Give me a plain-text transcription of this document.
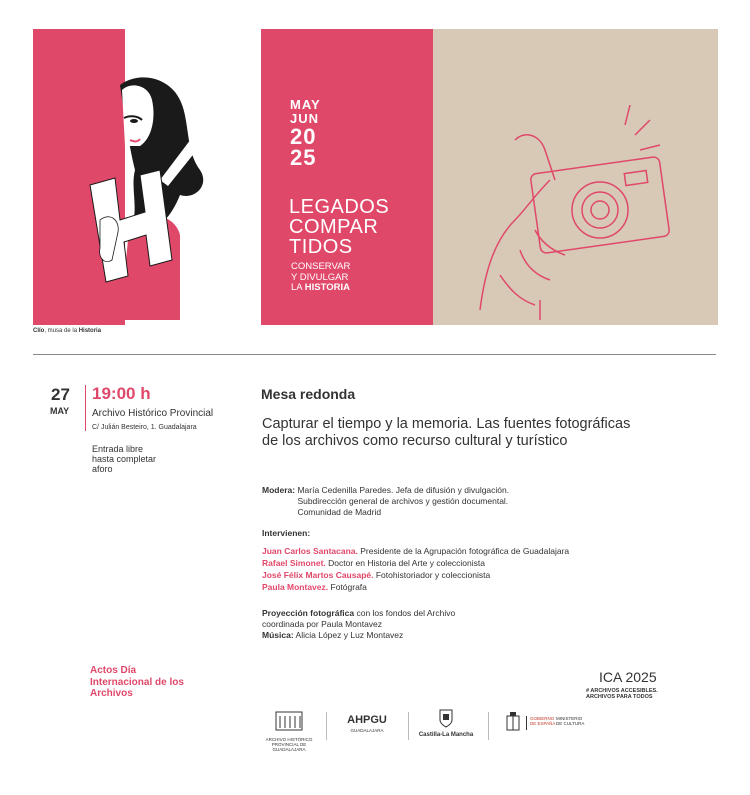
MAY
JUN
20
25
LEGADOS
COMPAR
TIDOS
CONSERVAR
Y DIVULGAR
LA HISTORIA
Clío, musa de la Historia
27
MAY
19:00 h
Archivo Histórico Provincial
C/ Julián Besteiro, 1. Guadalajara
Entrada libre hasta completar aforo
Actos Día Internacional de los Archivos
Mesa redonda
Capturar el tiempo y la memoria. Las fuentes fotográficas de los archivos como recurso cultural y turístico
Modera: María Cedenilla Paredes. Jefa de difusión y divulgación.
Subdirección general de archivos y gestión documental.
Comunidad de Madrid
Intervienen:
Juan Carlos Santacana. Presidente de la Agrupación fotográfica de Guadalajara
Rafael Simonet. Doctor en Historia del Arte y coleccionista
José Félix Martos Causapé. Fotohistoriador y coleccionista
Paula Montavez. Fotógrafa
Proyección fotográfica con los fondos del Archivo
coordinada por Paula Montavez
Música: Alicia López y Luz Montavez
ICA 2025
# ARCHIVOS ACCESIBLES.
ARCHIVOS PARA TODOS
ARCHIVO HISTÓRICO
PROVINCIAL DE GUADALAJARA
AHPGU
GUADALAJARA
Castilla-La Mancha
GOBIERNO
DE ESPAÑA
MINISTERIO
DE CULTURA
